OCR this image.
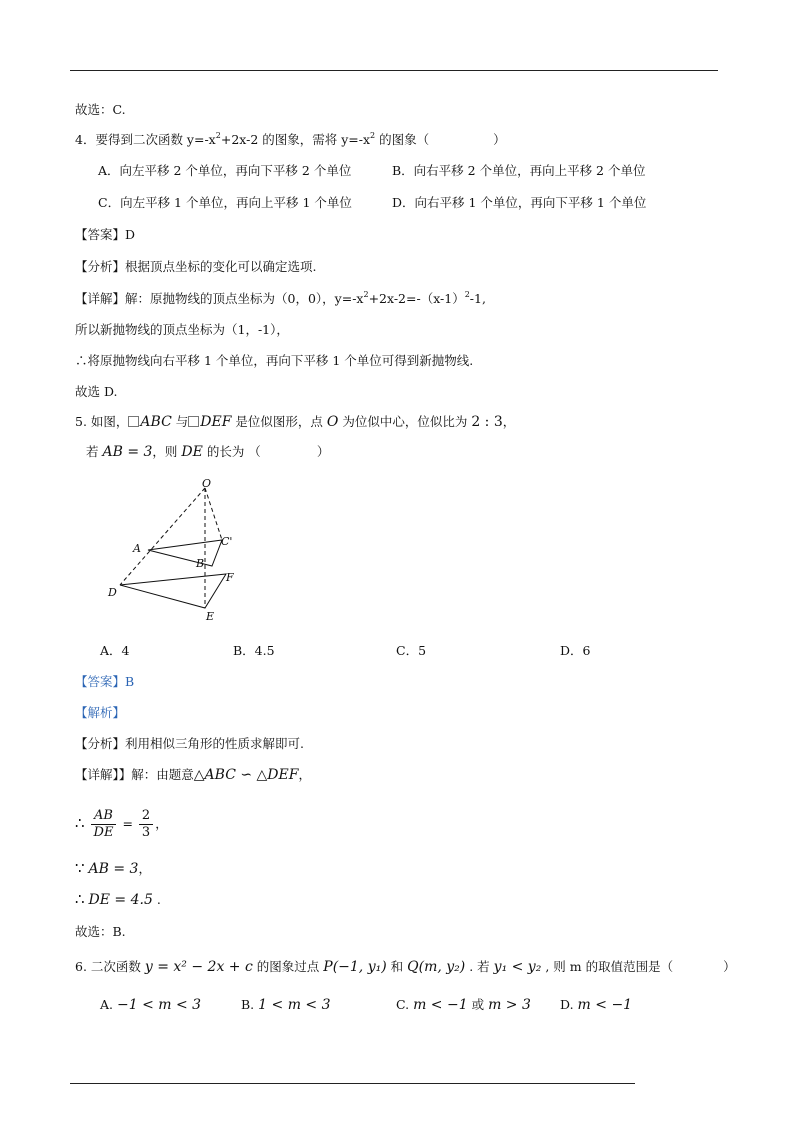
故选：C.
4．要得到二次函数 $y=-x^2+2x-2$ 的图象，需将 $y=-x^2$ 的图象（	）
A．向左平移 2 个单位，再向下平移 2 个单位	B．向右平移 2 个单位，再向上平移 2 个单位
C．向左平移 1 个单位，再向上平移 1 个单位	D．向右平移 1 个单位，再向下平移 1 个单位
【答案】D
【分析】根据顶点坐标的变化可以确定选项.
【详解】解：原抛物线的顶点坐标为（0，0），$y=-x^2+2x-2=-(x-1)^2-1$,
所以新抛物线的顶点坐标为（1，-1），
∴将原抛物线向右平移 1 个单位，再向下平移 1 个单位可得到新抛物线.
故选 D.
5. 如图， ABC 与 DEF 是位似图形，点 O 为位似中心，位似比为 2 : 3，
若 AB = 3，则 DE 的长为 （	）
O
A
B
C'
D
E
F
A．4	B．4.5	C．5	D．6
【答案】B
【解析】
【分析】利用相似三角形的性质求解即可.
【详解】】解：由题意△ABC ∽ △DEF，
∴ $\frac{AB}{DE} = \frac{2}{3}$ ，
∵ AB = 3，
∴ DE = 4.5 .
故选：B.
6. 二次函数 y = x² − 2x + c 的图象过点 P(−1, y₁) 和 Q(m, y₂) . 若 y₁ < y₂ , 则 m 的取值范围是（	）
A. −1 < m < 3	B. 1 < m < 3	C. m < −1 或 m > 3 D. m < −1
